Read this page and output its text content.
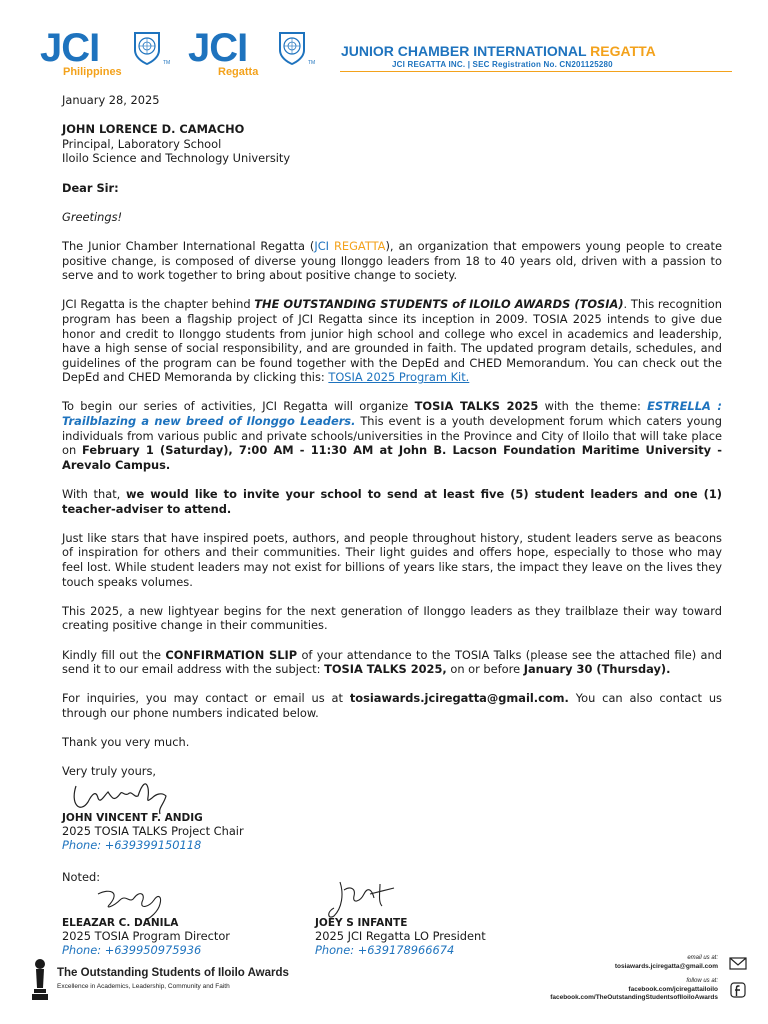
JCI	TM
Philippines
JCI	TM
Regatta
JUNIOR CHAMBER INTERNATIONAL REGATTA
JCI REGATTA INC. | SEC Registration No. CN201125280

January 28, 2025

JOHN LORENCE D. CAMACHO

Principal, Laboratory School

Iloilo Science and Technology University

Dear Sir:

Greetings!

The Junior Chamber International Regatta (JCI REGATTA), an organization that empowers young people to create positive change, is composed of diverse young Ilonggo leaders from 18 to 40 years old, driven with a passion to serve and to work together to bring about positive change to society.

JCI Regatta is the chapter behind THE OUTSTANDING STUDENTS of ILOILO AWARDS (TOSIA). This recognition program has been a flagship project of JCI Regatta since its inception in 2009. TOSIA 2025 intends to give due honor and credit to Ilonggo students from junior high school and college who excel in academics and leadership, have a high sense of social responsibility, and are grounded in faith. The updated program details, schedules, and guidelines of the program can be found together with the DepEd and CHED Memorandum. You can check out the DepEd and CHED Memoranda by clicking this: TOSIA 2025 Program Kit.

To begin our series of activities, JCI Regatta will organize TOSIA TALKS 2025 with the theme: ESTRELLA : Trailblazing a new breed of Ilonggo Leaders. This event is a youth development forum which caters young individuals from various public and private schools/universities in the Province and City of Iloilo that will take place on February 1 (Saturday), 7:00 AM - 11:30 AM at John B. Lacson Foundation Maritime University - Arevalo Campus.

With that, we would like to invite your school to send at least five (5) student leaders and one (1) teacher-adviser to attend.

Just like stars that have inspired poets, authors, and people throughout history, student leaders serve as beacons of inspiration for others and their communities. Their light guides and offers hope, especially to those who may feel lost. While student leaders may not exist for billions of years like stars, the impact they leave on the lives they touch speaks volumes.

This 2025, a new lightyear begins for the next generation of Ilonggo leaders as they trailblaze their way toward creating positive change in their communities.

Kindly fill out the CONFIRMATION SLIP of your attendance to the TOSIA Talks (please see the attached file) and send it to our email address with the subject: TOSIA TALKS 2025, on or before January 30 (Thursday).

For inquiries, you may contact or email us at tosiawards.jciregatta@gmail.com. You can also contact us through our phone numbers indicated below.

Thank you very much.

Very truly yours,

JOHN VINCENT F. ANDIG
2025 TOSIA TALKS Project Chair
Phone: +639399150118
Noted:
ELEAZAR C. DANILA
2025 TOSIA Program Director
Phone: +639950975936
JOEY S INFANTE
2025 JCI Regatta LO President
Phone: +639178966674
The Outstanding Students of Iloilo Awards
Excellence in Academics, Leadership, Community and Faith
email us at:
tosiawards.jciregatta@gmail.com
follow us at:
facebook.com/jciregattailoilo
facebook.com/TheOutstandingStudentsofIloiloAwards
